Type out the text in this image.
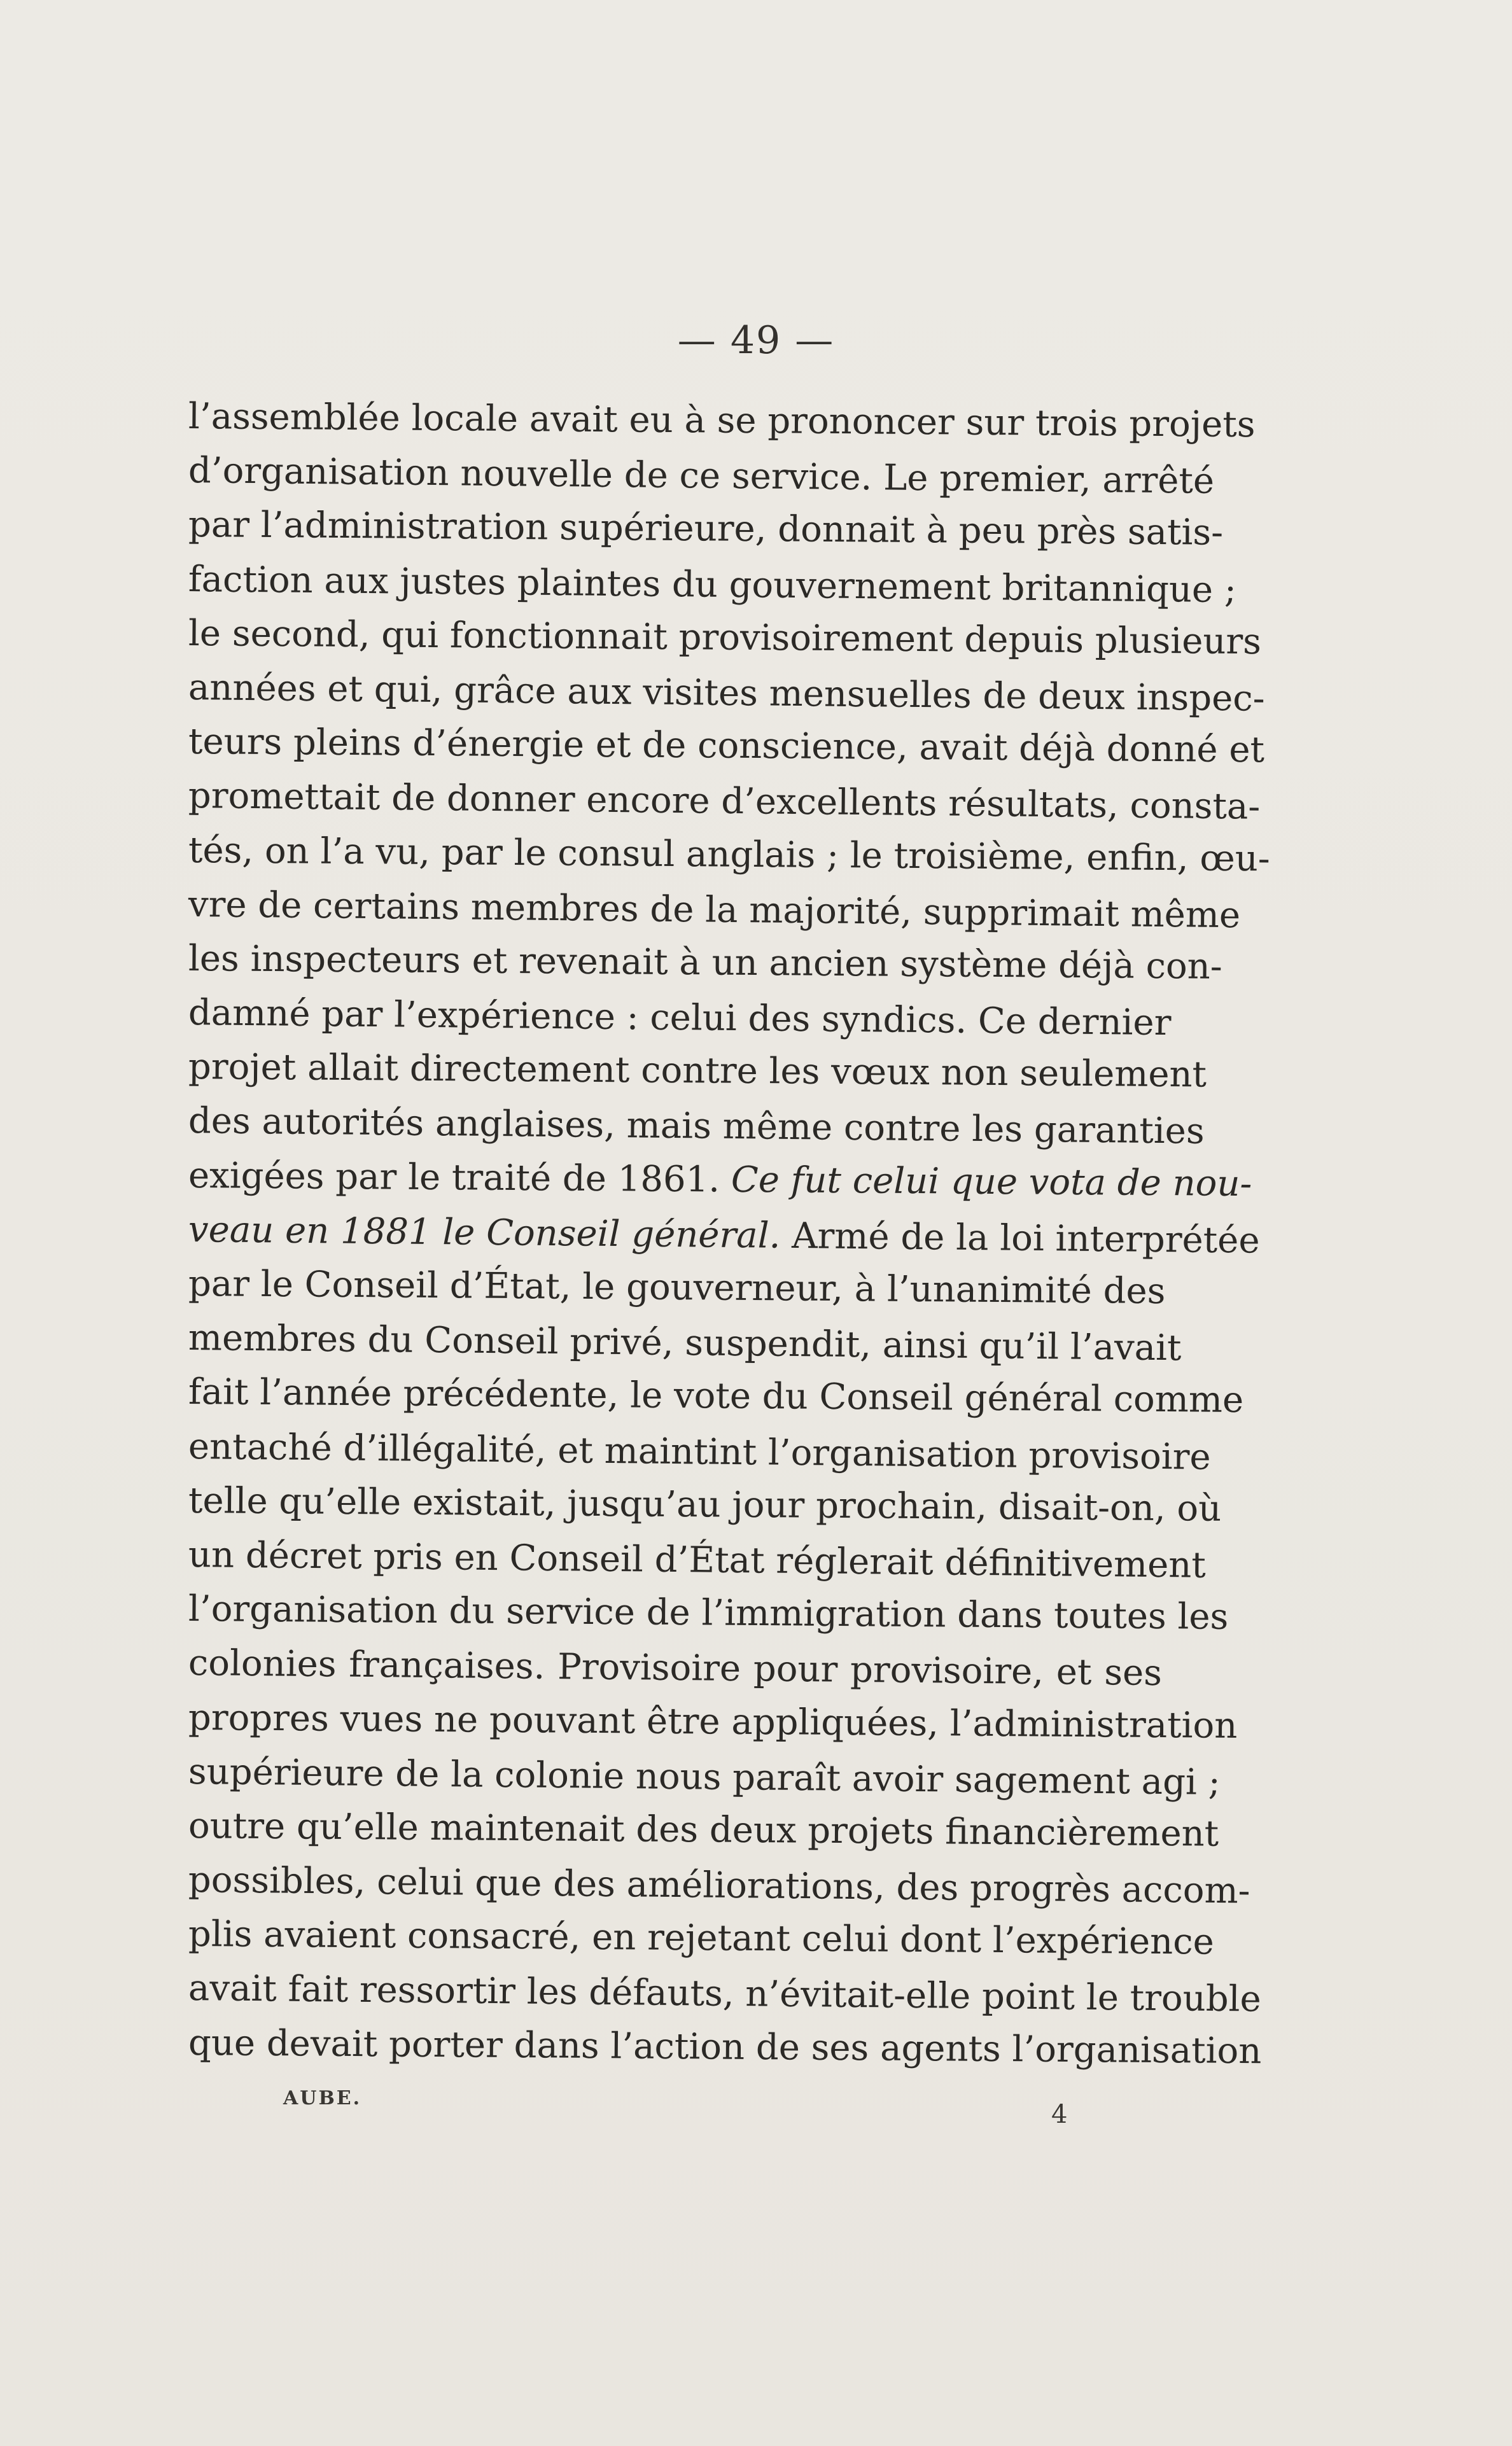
— 49 —
l’assemblée locale avait eu à se prononcer sur trois projets
d’organisation nouvelle de ce service. Le premier, arrêté
par l’administration supérieure, donnait à peu près satis-
faction aux justes plaintes du gouvernement britannique ;
le second, qui fonctionnait provisoirement depuis plusieurs
années et qui, grâce aux visites mensuelles de deux inspec-
teurs pleins d’énergie et de conscience, avait déjà donné et
promettait de donner encore d’excellents résultats, consta-
tés, on l’a vu, par le consul anglais ; le troisième, enfin, œu-
vre de certains membres de la majorité, supprimait même
les inspecteurs et revenait à un ancien système déjà con-
damné par l’expérience : celui des syndics. Ce dernier
projet allait directement contre les vœux non seulement
des autorités anglaises, mais même contre les garanties
exigées par le traité de 1861. Ce fut celui que vota de nou-
veau en 1881 le Conseil général. Armé de la loi interprétée
par le Conseil d’État, le gouverneur, à l’unanimité des
membres du Conseil privé, suspendit, ainsi qu’il l’avait
fait l’année précédente, le vote du Conseil général comme
entaché d’illégalité, et maintint l’organisation provisoire
telle qu’elle existait, jusqu’au jour prochain, disait-on, où
un décret pris en Conseil d’État réglerait définitivement
l’organisation du service de l’immigration dans toutes les
colonies françaises. Provisoire pour provisoire, et ses
propres vues ne pouvant être appliquées, l’administration
supérieure de la colonie nous paraît avoir sagement agi ;
outre qu’elle maintenait des deux projets financièrement
possibles, celui que des améliorations, des progrès accom-
plis avaient consacré, en rejetant celui dont l’expérience
avait fait ressortir les défauts, n’évitait-elle point le trouble
que devait porter dans l’action de ses agents l’organisation
AUBE.
4
